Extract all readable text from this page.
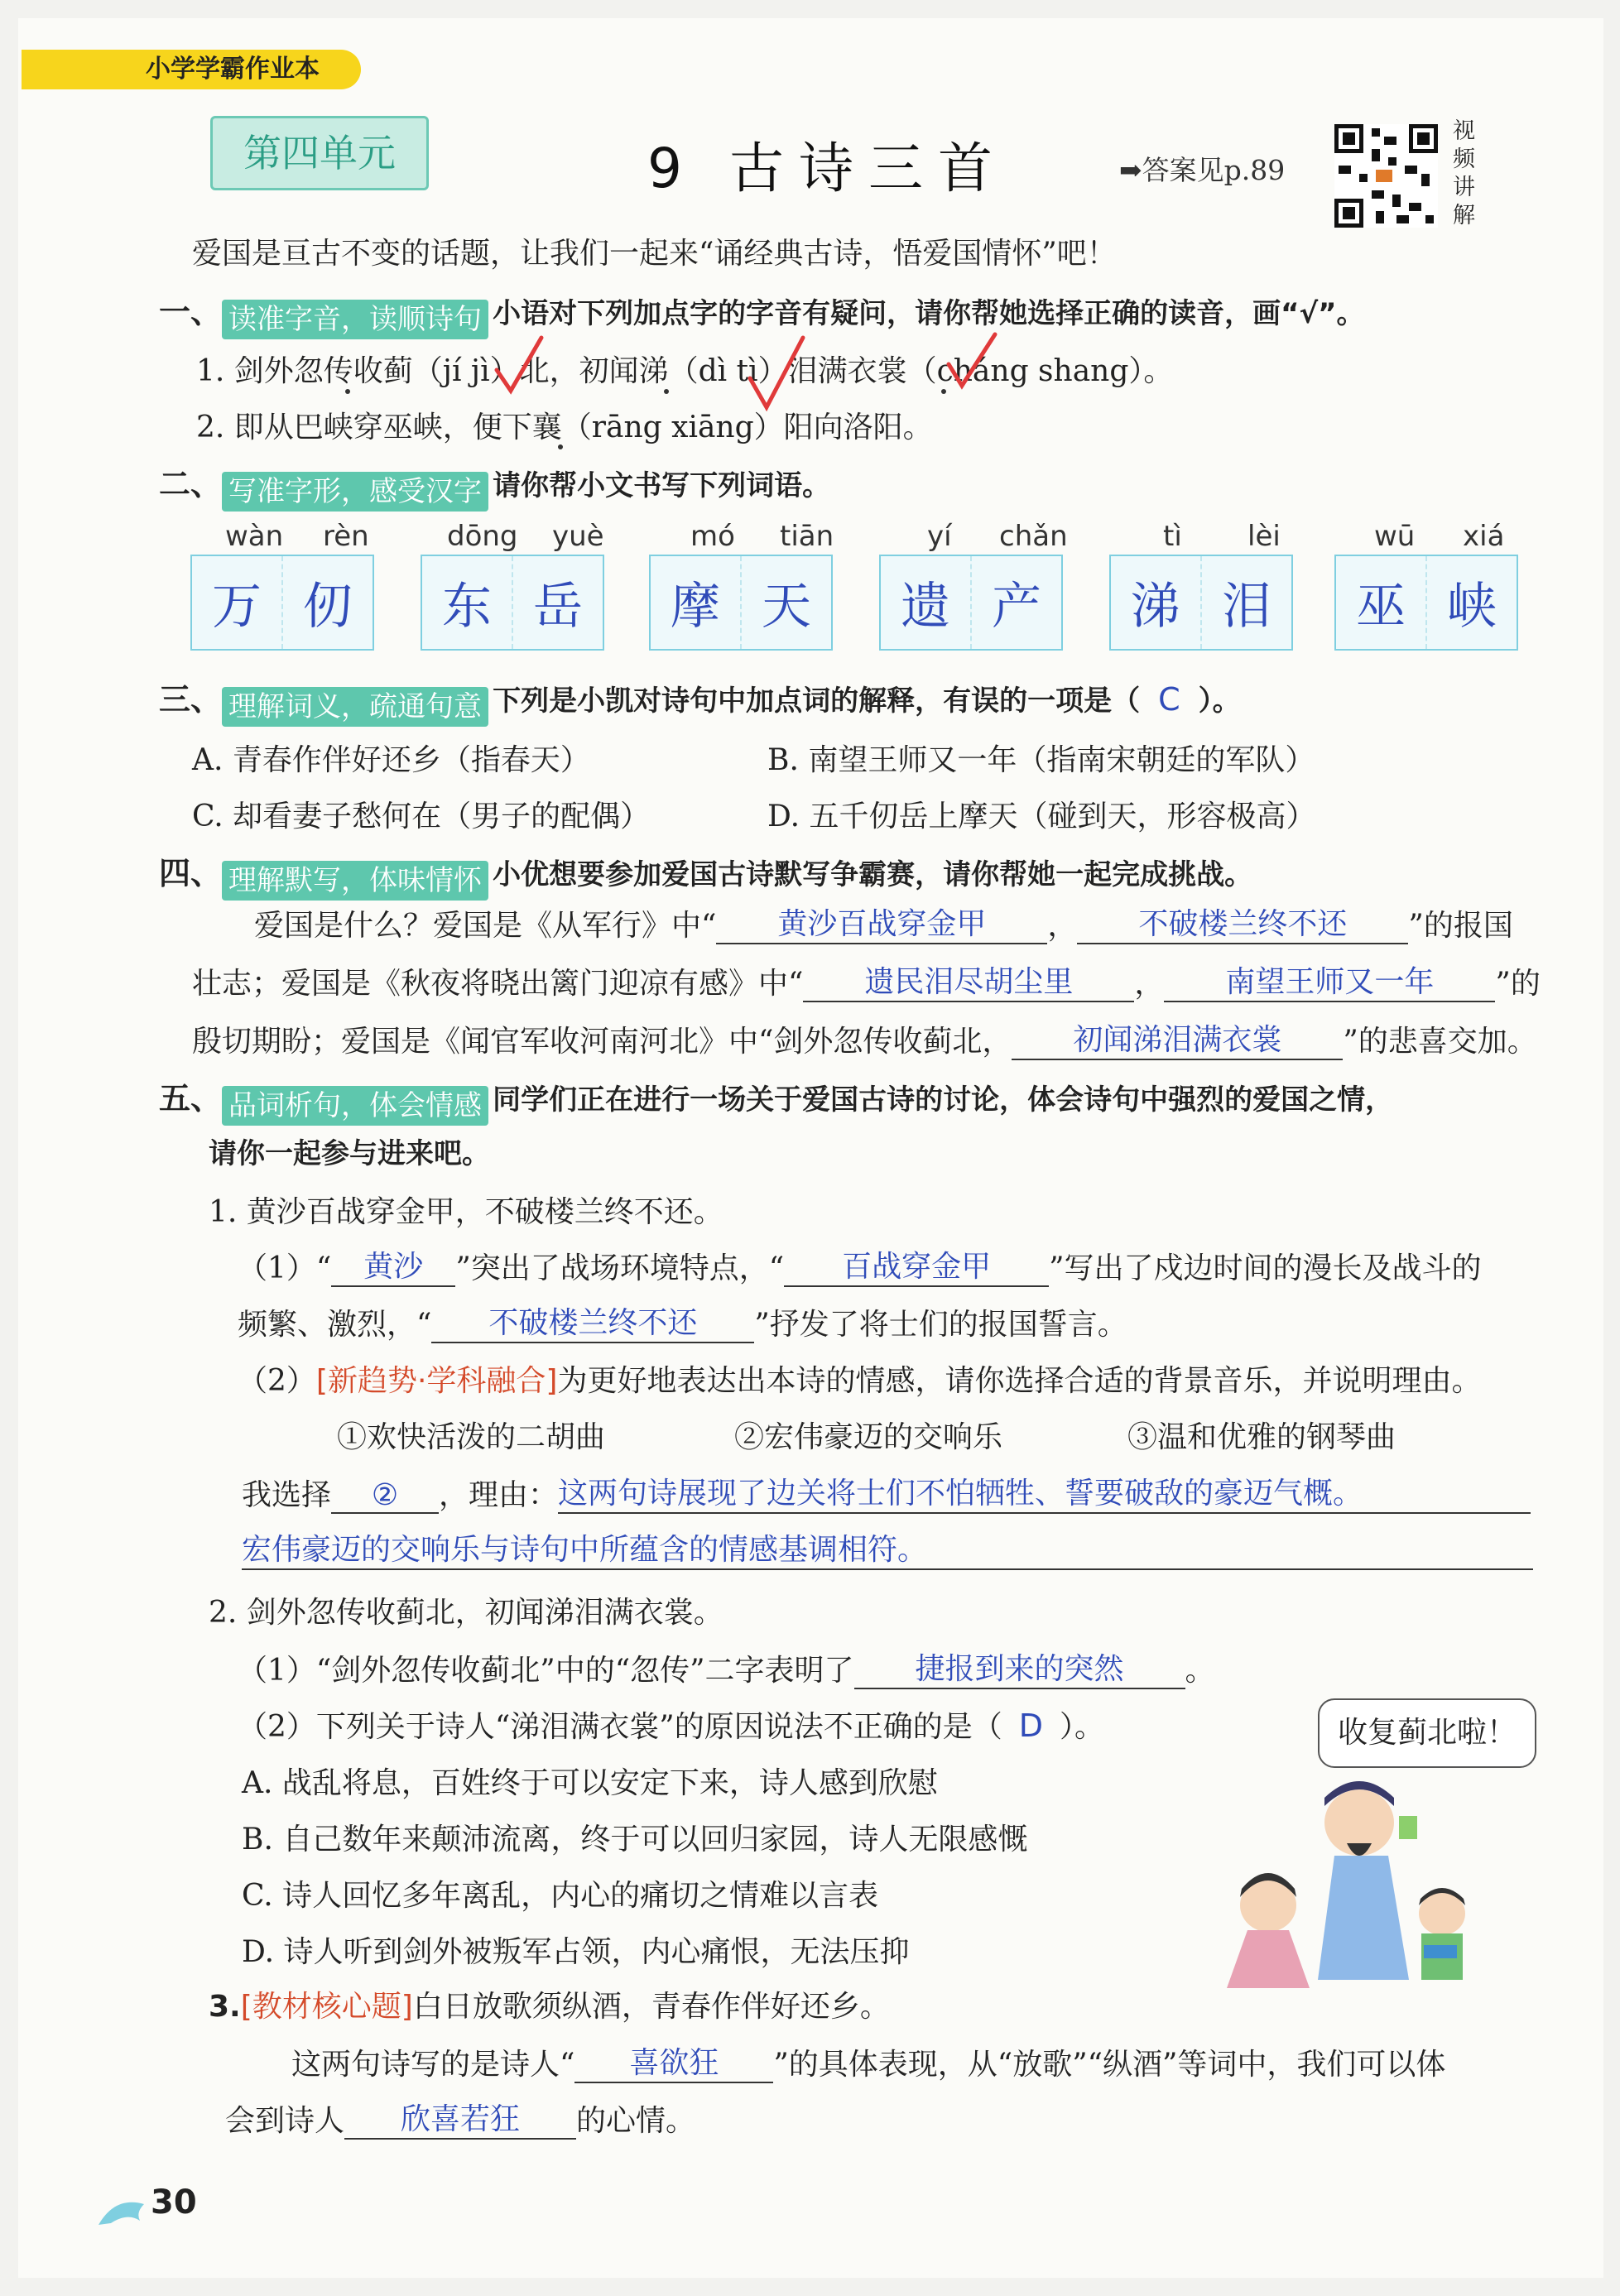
小学学霸作业本
第四单元	9 古诗三首	➡答案见p.89
视频讲解
爱国是亘古不变的话题，让我们一起来“诵经典古诗，悟爱国情怀”吧！
一、 读准字音，读顺诗句 小语对下列加点字的字音有疑问，请你帮她选择正确的读音，画“√”。
1. 剑外忽传收蓟（jí jì）北，初闻涕（dì tì）泪满衣裳（cháng shang）。
2. 即从巴峡穿巫峡，便下襄（rāng xiāng）阳向洛阳。
二、 写准字形，感受汉字 请你帮小文书写下列词语。
wàn rèn	dōng yuè	mó tiān	yí chǎn	tì lèi	wū xiá
万 仞	东 岳	摩 天	遗 产	涕 泪	巫 峡
三、 理解词义，疏通句意 下列是小凯对诗句中加点词的解释，有误的一项是（ C ）。
A. 青春作伴好还乡（指春天）	B. 南望王师又一年（指南宋朝廷的军队）
C. 却看妻子愁何在（男子的配偶）	D. 五千仞岳上摩天（碰到天，形容极高）
四、 理解默写，体味情怀 小优想要参加爱国古诗默写争霸赛，请你帮她一起完成挑战。
爱国是什么？爱国是《从军行》中“ 黄沙百战穿金甲 ， 不破楼兰终不还 ”的报国
壮志；爱国是《秋夜将晓出篱门迎凉有感》中“ 遗民泪尽胡尘里 ， 南望王师又一年 ”的
殷切期盼；爱国是《闻官军收河南河北》中“剑外忽传收蓟北， 初闻涕泪满衣裳 ”的悲喜交加。
五、 品词析句，体会情感 同学们正在进行一场关于爱国古诗的讨论，体会诗句中强烈的爱国之情，
请你一起参与进来吧。
1. 黄沙百战穿金甲，不破楼兰终不还。
（1）“ 黄沙 ”突出了战场环境特点，“ 百战穿金甲 ”写出了戍边时间的漫长及战斗的
频繁、激烈，“ 不破楼兰终不还 ”抒发了将士们的报国誓言。
（2）[新趋势·学科融合]为更好地表达出本诗的情感，请你选择合适的背景音乐，并说明理由。
①欢快活泼的二胡曲	②宏伟豪迈的交响乐	③温和优雅的钢琴曲
我选择 ② ，理由：这两句诗展现了边关将士们不怕牺牲、誓要破敌的豪迈气概。
宏伟豪迈的交响乐与诗句中所蕴含的情感基调相符。
2. 剑外忽传收蓟北，初闻涕泪满衣裳。
（1）“剑外忽传收蓟北”中的“忽传”二字表明了 捷报到来的突然 。
（2）下列关于诗人“涕泪满衣裳”的原因说法不正确的是（ D ）。
A. 战乱将息，百姓终于可以安定下来，诗人感到欣慰
B. 自己数年来颠沛流离，终于可以回归家园，诗人无限感慨
C. 诗人回忆多年离乱，内心的痛切之情难以言表
D. 诗人听到剑外被叛军占领，内心痛恨，无法压抑
收复蓟北啦！
3.[教材核心题]白日放歌须纵酒，青春作伴好还乡。
这两句诗写的是诗人“ 喜欲狂 ”的具体表现，从“放歌”“纵酒”等词中，我们可以体
会到诗人 欣喜若狂 的心情。
30
